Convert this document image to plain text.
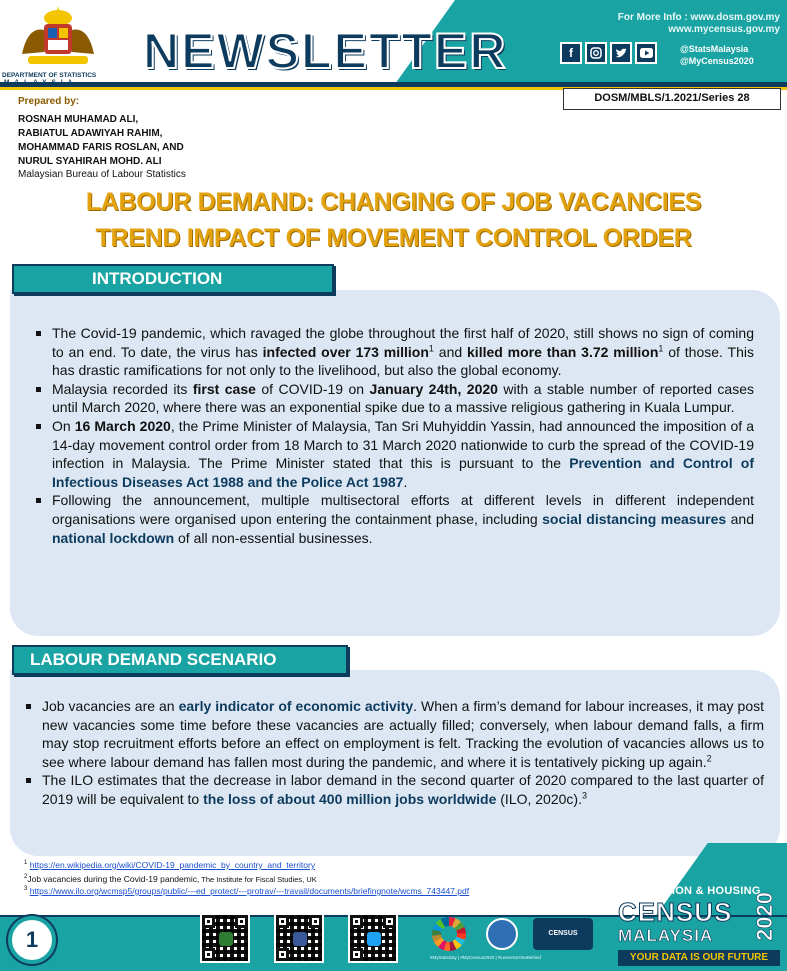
DEPARTMENT OF STATISTICS NEWSLETTER
For More Info : www.dosm.gov.my
www.mycensus.gov.my
f	@StatsMalaysia
@MyCensus2020
DOSM/MBLS/1.2021/Series 28
Prepared by:
ROSNAH MUHAMAD ALI,
RABIATUL ADAWIYAH RAHIM,
MOHAMMAD FARIS ROSLAN, AND
NURUL SYAHIRAH MOHD. ALI
Malaysian Bureau of Labour Statistics
LABOUR DEMAND: CHANGING OF JOB VACANCIES
TREND IMPACT OF MOVEMENT CONTROL ORDER
INTRODUCTION
The Covid-19 pandemic, which ravaged the globe throughout the first half of 2020, still shows no sign of coming to an end. To date, the virus has infected over 173 million$^1$ and killed more than 3.72 million$^1$ of those. This has drastic ramifications for not only to the livelihood, but also the global economy.
Malaysia recorded its first case of COVID-19 on January 24th, 2020 with a stable number of reported cases until March 2020, where there was an exponential spike due to a massive religious gathering in Kuala Lumpur.
On 16 March 2020, the Prime Minister of Malaysia, Tan Sri Muhyiddin Yassin, had announced the imposition of a 14-day movement control order from 18 March to 31 March 2020 nationwide to curb the spread of the COVID-19 infection in Malaysia. The Prime Minister stated that this is pursuant to the Prevention and Control of Infectious Diseases Act 1988 and the Police Act 1987.
Following the announcement, multiple multisectoral efforts at different levels in different independent organisations were organised upon entering the containment phase, including social distancing measures and national lockdown of all non-essential businesses.
LABOUR DEMAND SCENARIO
Job vacancies are an early indicator of economic activity. When a firm’s demand for labour increases, it may post new vacancies some time before these vacancies are actually filled; conversely, when labour demand falls, a firm may stop recruitment efforts before an effect on employment is felt. Tracking the evolution of vacancies allows us to see where labour demand has fallen most during the pandemic, and where it is tentatively picking up again.$^2$
The ILO estimates that the decrease in labor demand in the second quarter of 2020 compared to the last quarter of 2019 will be equivalent to the loss of about 400 million jobs worldwide (ILO, 2020c).$^3$
$^1$ https://en.wikipedia.org/wiki/COVID-19_pandemic_by_country_and_territory
$^2$Job vacancies during the Covid-19 pandemic, The Institute for Fiscal Studies, UK
$^3$ https://www.ilo.org/wcmsp5/groups/public/---ed_protect/---protrav/---travail/documents/briefingnote/wcms_743447.pdf
1	CENSUS
#MyStatsDay | #MyCensus2020 | #LeaveNoOneBehind
POPULATION & HOUSING
CENSUS
MALAYSIA 2020
YOUR DATA IS OUR FUTURE
